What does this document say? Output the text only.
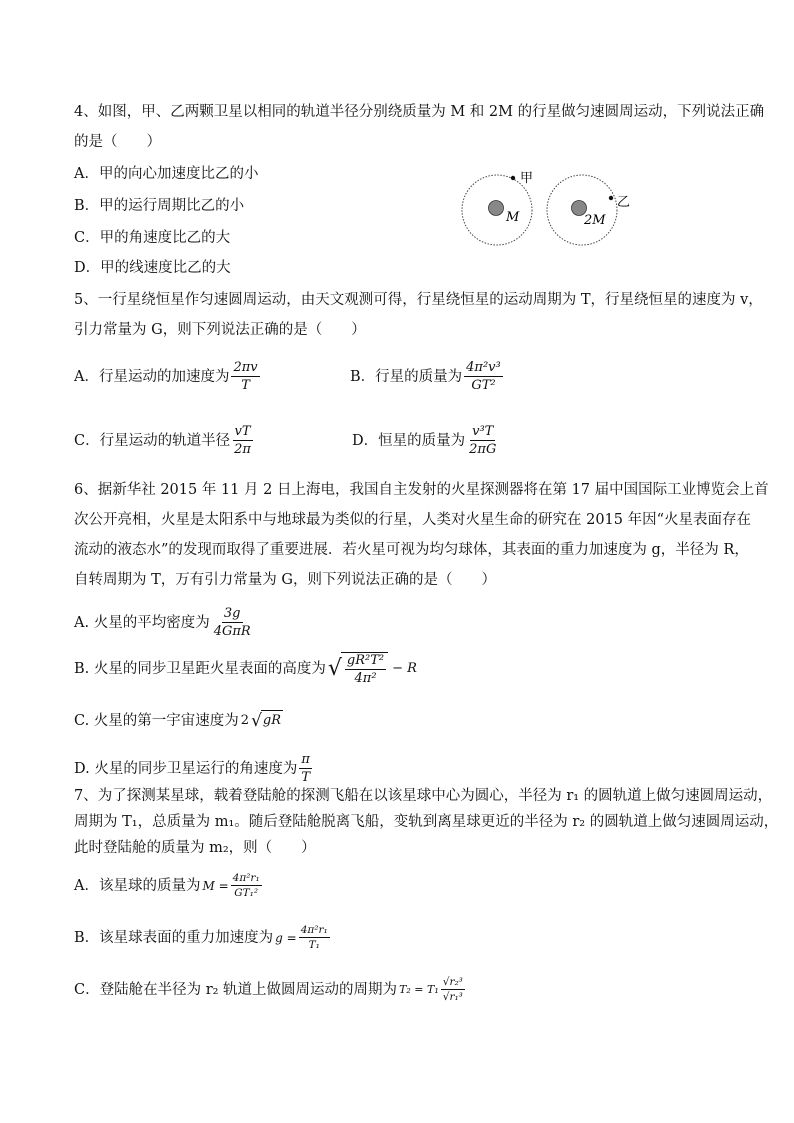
4、如图，甲、乙两颗卫星以相同的轨道半径分别绕质量为 M 和 2M 的行星做匀速圆周运动，下列说法正确
的是（　　）
A．甲的向心加速度比乙的小
B．甲的运行周期比乙的小
C．甲的角速度比乙的大
D．甲的线速度比乙的大
M
甲
2M
乙
5、一行星绕恒星作匀速圆周运动，由天文观测可得，行星绕恒星的运动周期为 T，行星绕恒星的速度为 v，
引力常量为 G，则下列说法正确的是（　　）
A．行星运动的加速度为 $\frac{2\pi v}{T}$	B．行星的质量为 $\frac{\text{4π²v³}}{\text{GT²}}$
C．行星运动的轨道半径 $\frac{vT}{2\pi}$	D．恒星的质量为 $\frac{\text{v³T}}{2\pi G}$
6、据新华社 2015 年 11 月 2 日上海电，我国自主发射的火星探测器将在第 17 届中国国际工业博览会上首
次公开亮相，火星是太阳系中与地球最为类似的行星，人类对火星生命的研究在 2015 年因“火星表面存在
流动的液态水”的发现而取得了重要进展．若火星可视为均匀球体，其表面的重力加速度为 g，半径为 R，
自转周期为 T，万有引力常量为 G，则下列说法正确的是（　　）
A. 火星的平均密度为 $\frac{3g}{\text{4GπR}}$
B. 火星的同步卫星距火星表面的高度为 √ $\frac{\text{gR²T²}}{\text{4π²}} - R$
C. 火星的第一宇宙速度为 2 √ gR
D. 火星的同步卫星运行的角速度为 $\frac{\pi}{T}$
7、为了探测某星球，载着登陆舱的探测飞船在以该星球中心为圆心，半径为 r₁ 的圆轨道上做匀速圆周运动，
周期为 T₁，总质量为 m₁。随后登陆舱脱离飞船，变轨到离星球更近的半径为 r₂ 的圆轨道上做匀速圆周运动，
此时登陆舱的质量为 m₂，则（　　）
A．该星球的质量为 $M = \frac{\text{4π²r₁}}{\text{GT₁²}}$
B．该星球表面的重力加速度为 $g = \frac{\text{4π²r₁}}{\text{T₁}}$
C．登陆舱在半径为 r₂ 轨道上做圆周运动的周期为 $T_2 = T_1 \frac{\text{√r₂³}}{\text{√r₁³}}$
